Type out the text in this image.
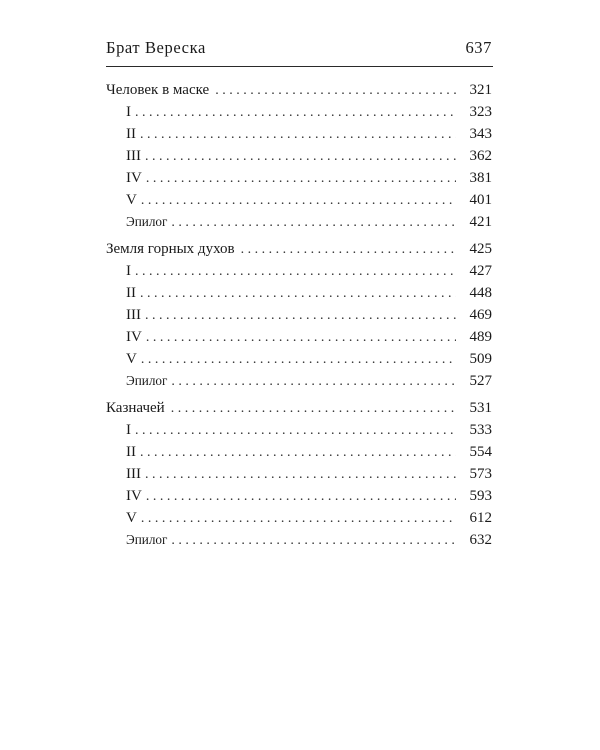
Брат Вереска	637
Человек в маске . . .	321
I . . .	323
II . . .	343
III . . .	362
IV . . .	381
V . . .	401
Эпилог . . .	421
Земля горных духов . . .	425
I . . .	427
II . . .	448
III . . .	469
IV . . .	489
V . . .	509
Эпилог . . .	527
Казначей . . .	531
I . . .	533
II . . .	554
III . . .	573
IV . . .	593
V . . .	612
Эпилог . . .	632
